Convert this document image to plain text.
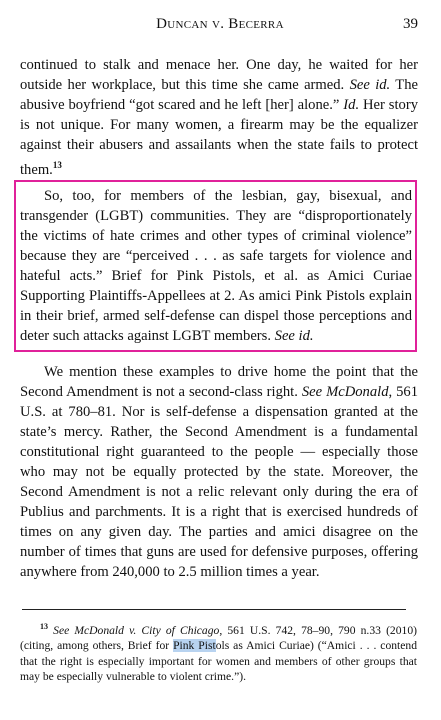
Duncan v. Becerra	39

continued to stalk and menace her. One day, he waited for her outside her workplace, but this time she came armed. See id. The abusive boyfriend “got scared and he left [her] alone.” Id. Her story is not unique. For many women, a firearm may be the equalizer against their abusers and assailants when the state fails to protect them.$^{13}$

So, too, for members of the lesbian, gay, bisexual, and transgender (LGBT) communities. They are “disproportionately the victims of hate crimes and other types of criminal violence” because they are “perceived . . . as safe targets for violence and hateful acts.” Brief for Pink Pistols, et al. as Amici Curiae Supporting Plaintiffs-Appellees at 2. As amici Pink Pistols explain in their brief, armed self-defense can dispel those perceptions and deter such attacks against LGBT members. See id.

We mention these examples to drive home the point that the Second Amendment is not a second-class right. See McDonald, 561 U.S. at 780–81. Nor is self-defense a dispensation granted at the state’s mercy. Rather, the Second Amendment is a fundamental constitutional right guaranteed to the people — especially those who may not be equally protected by the state. Moreover, the Second Amendment is not a relic relevant only during the era of Publius and parchments. It is a right that is exercised hundreds of times on any given day. The parties and amici disagree on the number of times that guns are used for defensive purposes, offering anywhere from 240,000 to 2.5 million times a year.

$^{13}$ See McDonald v. City of Chicago, 561 U.S. 742, 78–90, 790 n.33 (2010) (citing, among others, Brief for Pink Pistols as Amici Curiae) (“Amici . . . contend that the right is especially important for women and members of other groups that may be especially vulnerable to violent crime.”).
